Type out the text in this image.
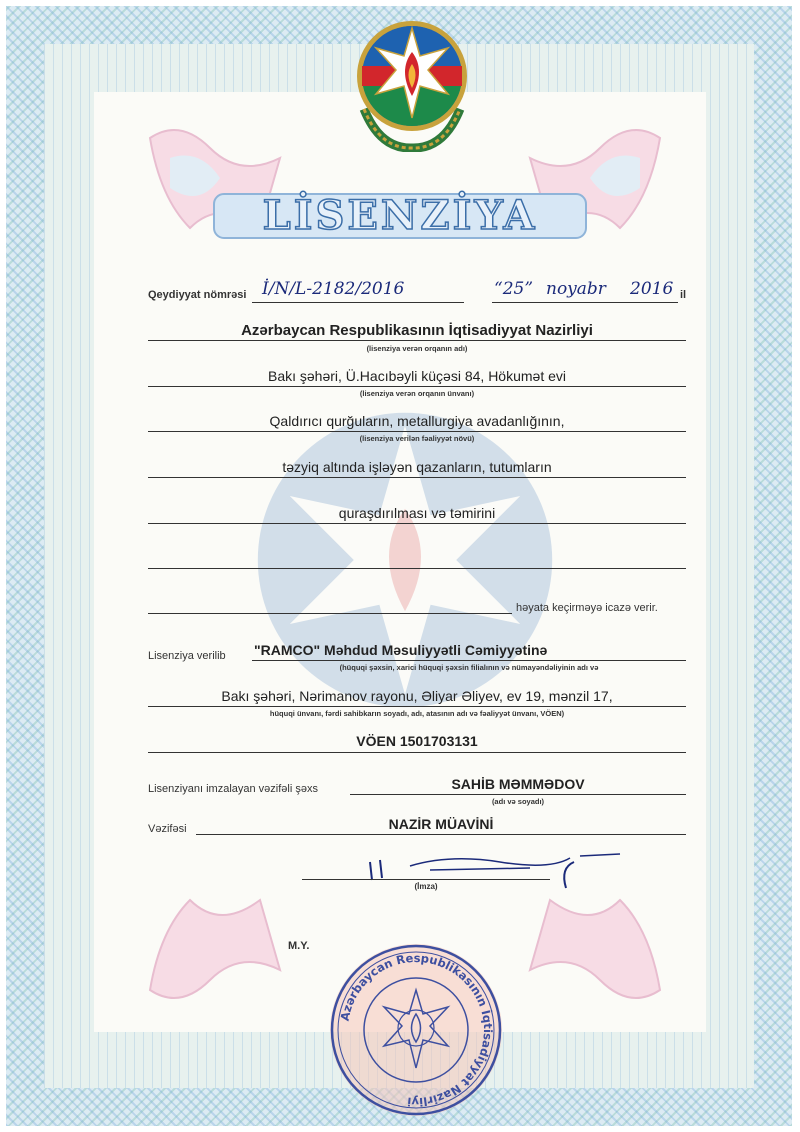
LİSENZİYA
Qeydiyyat nömrəsi İ/N/L-2182/2016	“25” noyabr 2016 il
Azərbaycan Respublikasının İqtisadiyyat Nazirliyi
(lisenziya verən orqanın adı)
Bakı şəhəri, Ü.Hacıbəyli küçəsi 84, Hökumət evi
(lisenziya verən orqanın ünvanı)
Qaldırıcı qurğuların, metallurgiya avadanlığının,
(lisenziya verilən fəaliyyət növü)
təzyiq altında işləyən qazanların, tutumların
quraşdırılması və təmirini
həyata keçirməyə icazə verir.
Lisenziya verilib "RAMCO" Məhdud Məsuliyyətli Cəmiyyətinə
(hüquqi şəxsin, xarici hüquqi şəxsin filialının və nümayəndəliyinin adı və
Bakı şəhəri, Nərimanov rayonu, Əliyar Əliyev, ev 19, mənzil 17,
hüquqi ünvanı, fərdi sahibkarın soyadı, adı, atasının adı və fəaliyyət ünvanı, VÖEN)
VÖEN 1501703131
Lisenziyanı imzalayan vəzifəli şəxs	SAHİB MƏMMƏDOV
(adı və soyadı)
Vəzifəsi	NAZİR MÜAVİNİ
(İmza)
M.Y.
Azərbaycan Respublikasının İqtisadiyyat Nazirliyi
